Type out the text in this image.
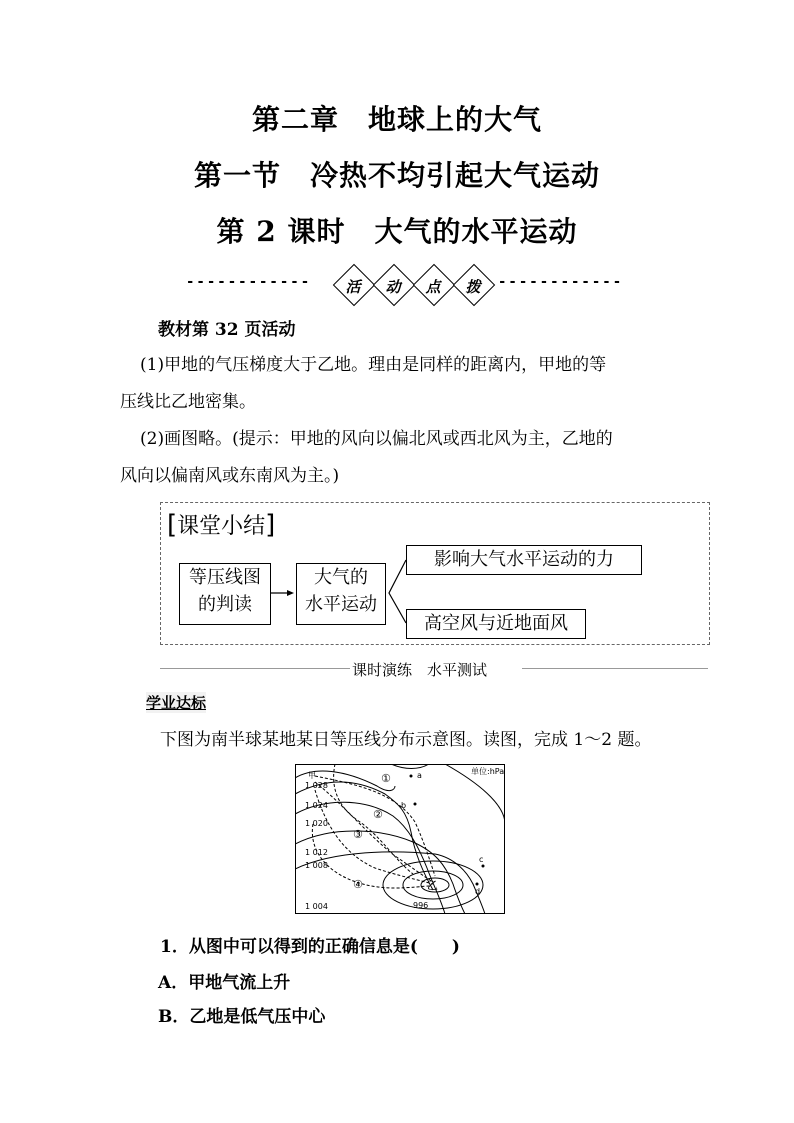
第二章　地球上的大气
第一节　冷热不均引起大气运动
第 2 课时　大气的水平运动
------------	------------
活	动	点	拨
教材第 32 页活动
(1)甲地的气压梯度大于乙地。理由是同样的距离内，甲地的等
压线比乙地密集。
(2)画图略。(提示：甲地的风向以偏北风或西北风为主，乙地的
风向以偏南风或东南风为主。)
[课堂小结]
等压线图
的判读
大气的
水平运动
影响大气水平运动的力
高空风与近地面风
课时演练　水平测试
学业达标
下图为南半球某地某日等压线分布示意图。读图，完成 1～2 题。
甲
1 028
1 024
1 020
1 012
1 008
1 004	996
乙
单位:hPa
a
b
c
d
①
②
③
④
1．从图中可以得到的正确信息是(　　)
A．甲地气流上升
B．乙地是低气压中心
